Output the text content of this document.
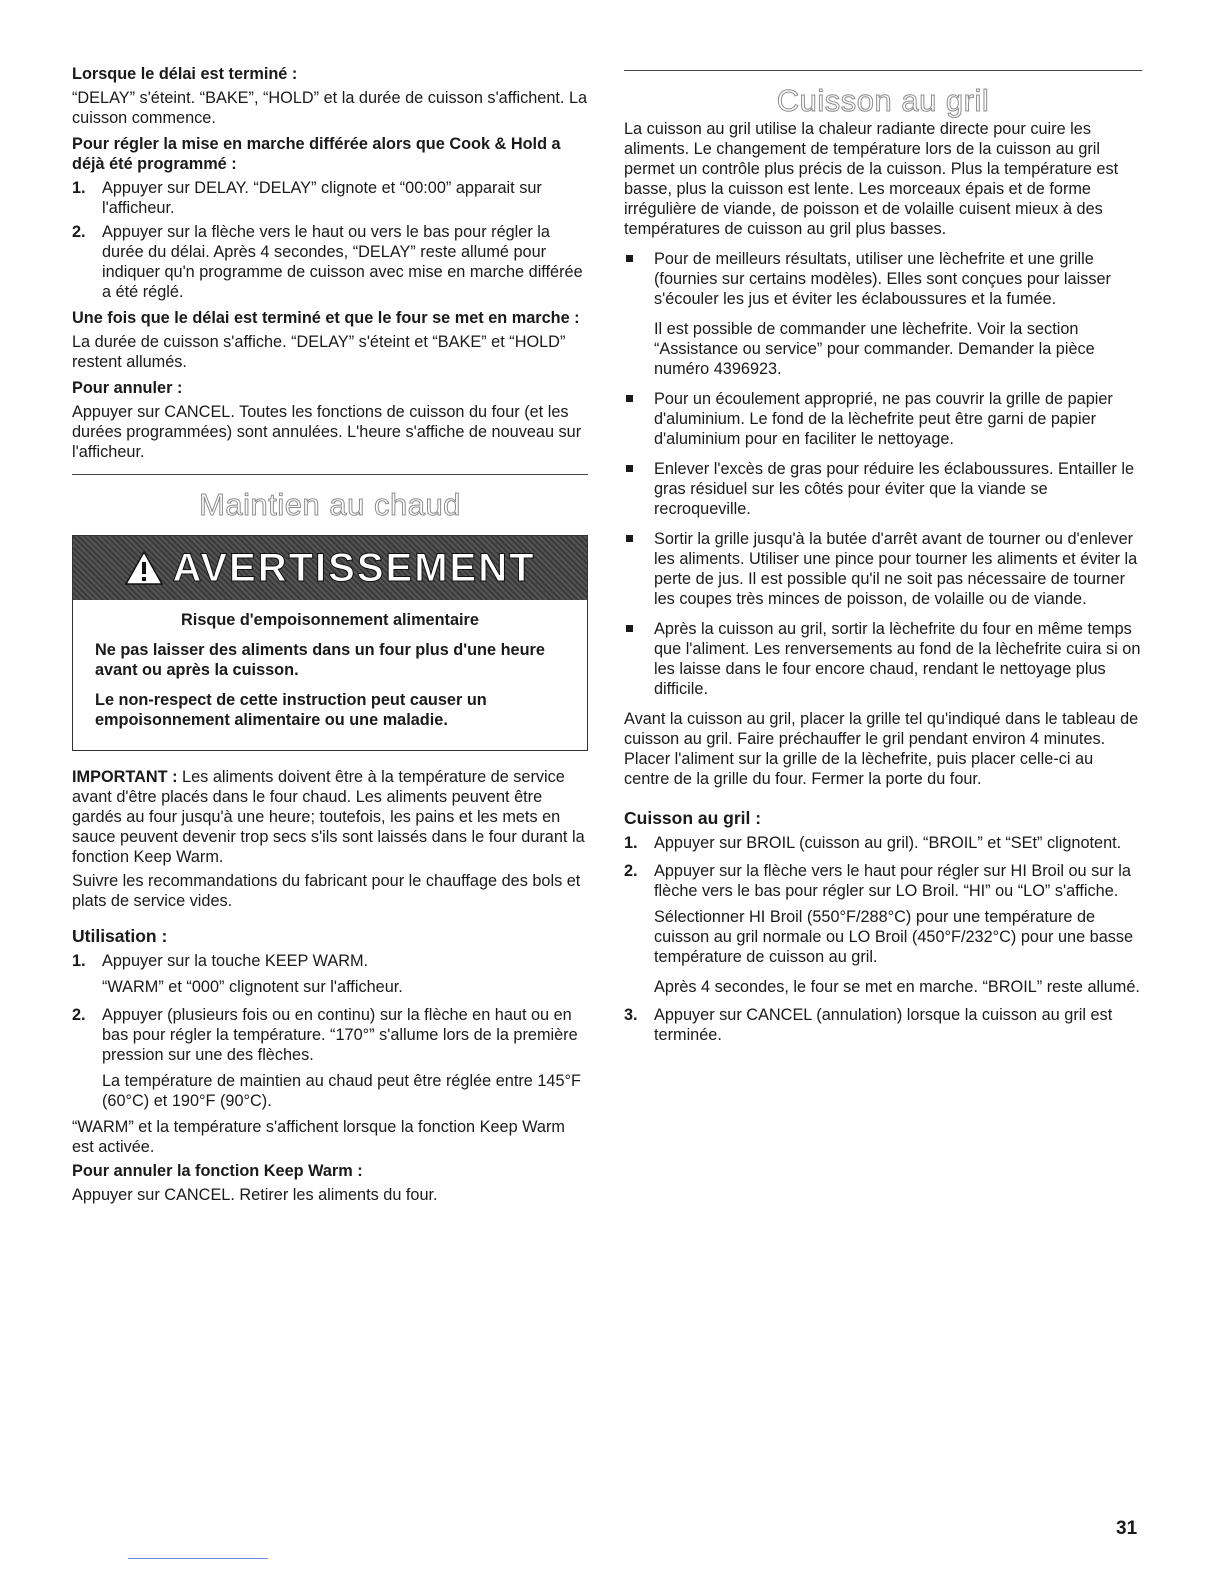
Lorsque le délai est terminé :

“DELAY” s'éteint. “BAKE”, “HOLD” et la durée de cuisson s'affichent. La cuisson commence.

Pour régler la mise en marche différée alors que Cook & Hold a déjà été programmé :

1. Appuyer sur DELAY. “DELAY” clignote et “00:00” apparait sur l'afficheur.
2. Appuyer sur la flèche vers le haut ou vers le bas pour régler la durée du délai. Après 4 secondes, “DELAY” reste allumé pour indiquer qu'n programme de cuisson avec mise en marche différée a été réglé.

Une fois que le délai est terminé et que le four se met en marche :

La durée de cuisson s'affiche. “DELAY” s'éteint et “BAKE” et “HOLD” restent allumés.

Pour annuler :

Appuyer sur CANCEL. Toutes les fonctions de cuisson du four (et les durées programmées) sont annulées. L'heure s'affiche de nouveau sur l'afficheur.

Maintien au chaud
AVERTISSEMENT
Risque d'empoisonnement alimentaire

Ne pas laisser des aliments dans un four plus d'une heure avant ou après la cuisson.

Le non-respect de cette instruction peut causer un empoisonnement alimentaire ou une maladie.

IMPORTANT : Les aliments doivent être à la température de service avant d'être placés dans le four chaud. Les aliments peuvent être gardés au four jusqu'à une heure; toutefois, les pains et les mets en sauce peuvent devenir trop secs s'ils sont laissés dans le four durant la fonction Keep Warm.

Suivre les recommandations du fabricant pour le chauffage des bols et plats de service vides.

Utilisation :

1. Appuyer sur la touche KEEP WARM.
“WARM” et “000” clignotent sur l'afficheur.
2. Appuyer (plusieurs fois ou en continu) sur la flèche en haut ou en bas pour régler la température. “170°” s'allume lors de la première pression sur une des flèches.
La température de maintien au chaud peut être réglée entre 145°F (60°C) et 190°F (90°C).

“WARM” et la température s'affichent lorsque la fonction Keep Warm est activée.

Pour annuler la fonction Keep Warm :

Appuyer sur CANCEL. Retirer les aliments du four.

Cuisson au gril

La cuisson au gril utilise la chaleur radiante directe pour cuire les aliments. Le changement de température lors de la cuisson au gril permet un contrôle plus précis de la cuisson. Plus la température est basse, plus la cuisson est lente. Les morceaux épais et de forme irrégulière de viande, de poisson et de volaille cuisent mieux à des températures de cuisson au gril plus basses.

Pour de meilleurs résultats, utiliser une lèchefrite et une grille (fournies sur certains modèles). Elles sont conçues pour laisser s'écouler les jus et éviter les éclaboussures et la fumée.
Il est possible de commander une lèchefrite. Voir la section “Assistance ou service” pour commander. Demander la pièce numéro 4396923.
Pour un écoulement approprié, ne pas couvrir la grille de papier d'aluminium. Le fond de la lèchefrite peut être garni de papier d'aluminium pour en faciliter le nettoyage.
Enlever l'excès de gras pour réduire les éclaboussures. Entailler le gras résiduel sur les côtés pour éviter que la viande se recroqueville.
Sortir la grille jusqu'à la butée d'arrêt avant de tourner ou d'enlever les aliments. Utiliser une pince pour tourner les aliments et éviter la perte de jus. Il est possible qu'il ne soit pas nécessaire de tourner les coupes très minces de poisson, de volaille ou de viande.
Après la cuisson au gril, sortir la lèchefrite du four en même temps que l'aliment. Les renversements au fond de la lèchefrite cuira si on les laisse dans le four encore chaud, rendant le nettoyage plus difficile.

Avant la cuisson au gril, placer la grille tel qu'indiqué dans le tableau de cuisson au gril. Faire préchauffer le gril pendant environ 4 minutes. Placer l'aliment sur la grille de la lèchefrite, puis placer celle-ci au centre de la grille du four. Fermer la porte du four.

Cuisson au gril :

1. Appuyer sur BROIL (cuisson au gril). “BROIL” et “SEt” clignotent.
2. Appuyer sur la flèche vers le haut pour régler sur HI Broil ou sur la flèche vers le bas pour régler sur LO Broil. “HI” ou “LO” s'affiche.
Sélectionner HI Broil (550°F/288°C) pour une température de cuisson au gril normale ou LO Broil (450°F/232°C) pour une basse température de cuisson au gril.
Après 4 secondes, le four se met en marche. “BROIL” reste allumé.
3. Appuyer sur CANCEL (annulation) lorsque la cuisson au gril est terminée.
31
